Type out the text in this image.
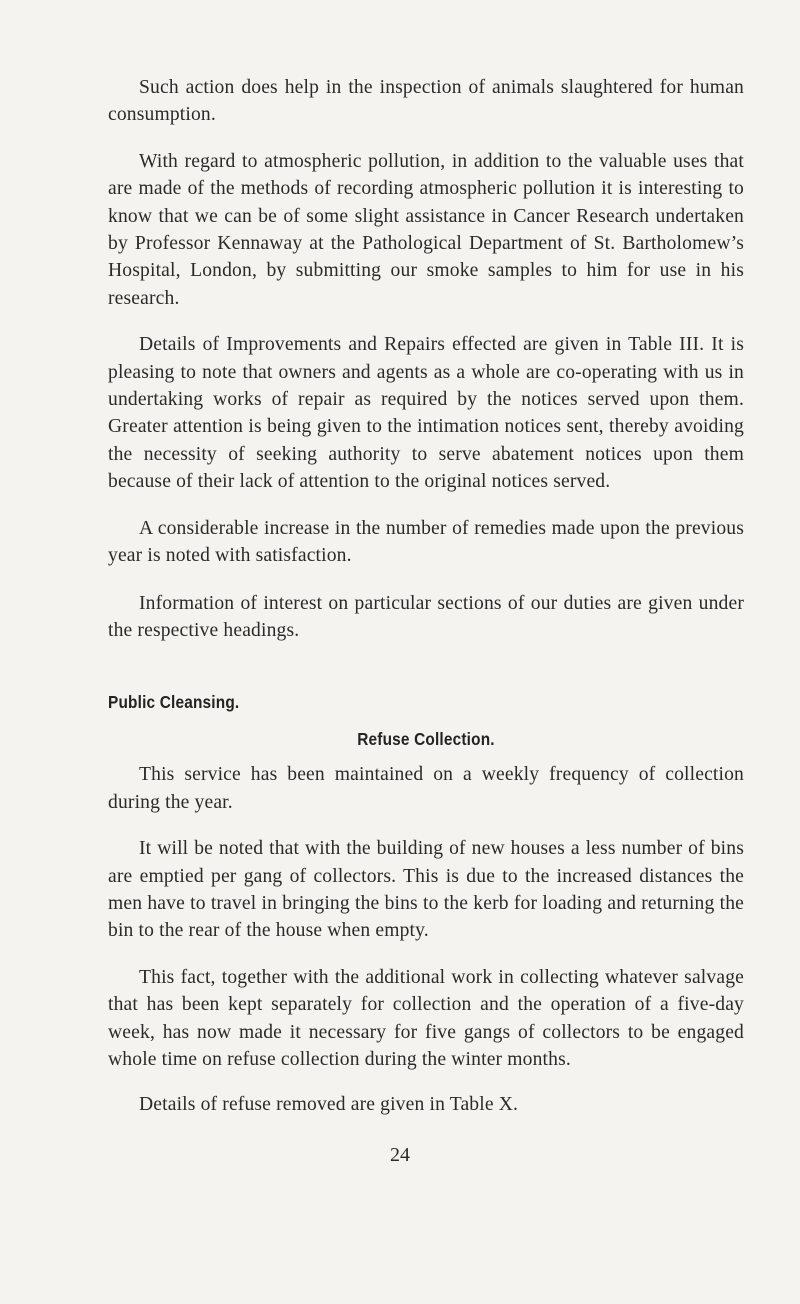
Such action does help in the inspection of animals slaughtered for human consumption.

With regard to atmospheric pollution, in addition to the valuable uses that are made of the methods of recording atmospheric pollution it is interesting to know that we can be of some slight assistance in Cancer Research undertaken by Professor Kennaway at the Pathological Department of St. Bartholomew’s Hospital, London, by submitting our smoke samples to him for use in his research.

Details of Improvements and Repairs effected are given in Table III. It is pleasing to note that owners and agents as a whole are co-operating with us in undertaking works of repair as required by the notices served upon them. Greater attention is being given to the intimation notices sent, thereby avoiding the necessity of seeking authority to serve abatement notices upon them because of their lack of attention to the original notices served.

A considerable increase in the number of remedies made upon the previous year is noted with satisfaction.

Information of interest on particular sections of our duties are given under the respective headings.

Public Cleansing.
Refuse Collection.

This service has been maintained on a weekly frequency of collection during the year.

It will be noted that with the building of new houses a less number of bins are emptied per gang of collectors. This is due to the increased distances the men have to travel in bringing the bins to the kerb for loading and returning the bin to the rear of the house when empty.

This fact, together with the additional work in collecting whatever salvage that has been kept separately for collection and the operation of a five-day week, has now made it necessary for five gangs of collectors to be engaged whole time on refuse collection during the winter months.

Details of refuse removed are given in Table X.

24
